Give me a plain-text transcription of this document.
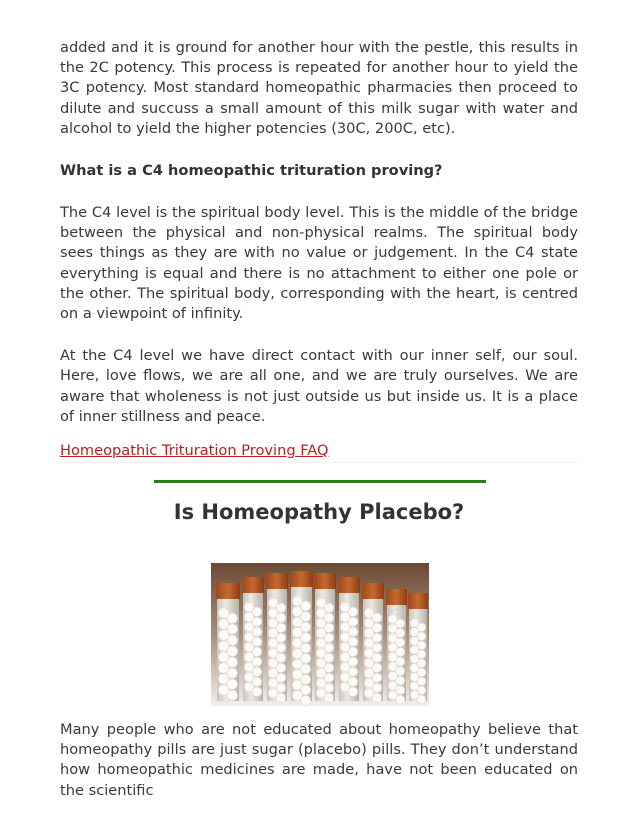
added and it is ground for another hour with the pestle, this results in the 2C potency. This process is repeated for another hour to yield the 3C potency. Most standard homeopathic pharmacies then proceed to dilute and succuss a small amount of this milk sugar with water and alcohol to yield the higher potencies (30C, 200C, etc).

What is a C4 homeopathic trituration proving?

The C4 level is the spiritual body level. This is the middle of the bridge between the physical and non-physical realms. The spiritual body sees things as they are with no value or judgement. In the C4 state everything is equal and there is no attachment to either one pole or the other. The spiritual body, corresponding with the heart, is centred on a viewpoint of infinity.

At the C4 level we have direct contact with our inner self, our soul. Here, love flows, we are all one, and we are truly ourselves. We are aware that wholeness is not just outside us but inside us. It is a place of inner stillness and peace.

Homeopathic Trituration Proving FAQ
Is Homeopathy Placebo?

Many people who are not educated about homeopathy believe that homeopathy pills are just sugar (placebo) pills. They don’t understand how homeopathic medicines are made, have not been educated on the scientific
